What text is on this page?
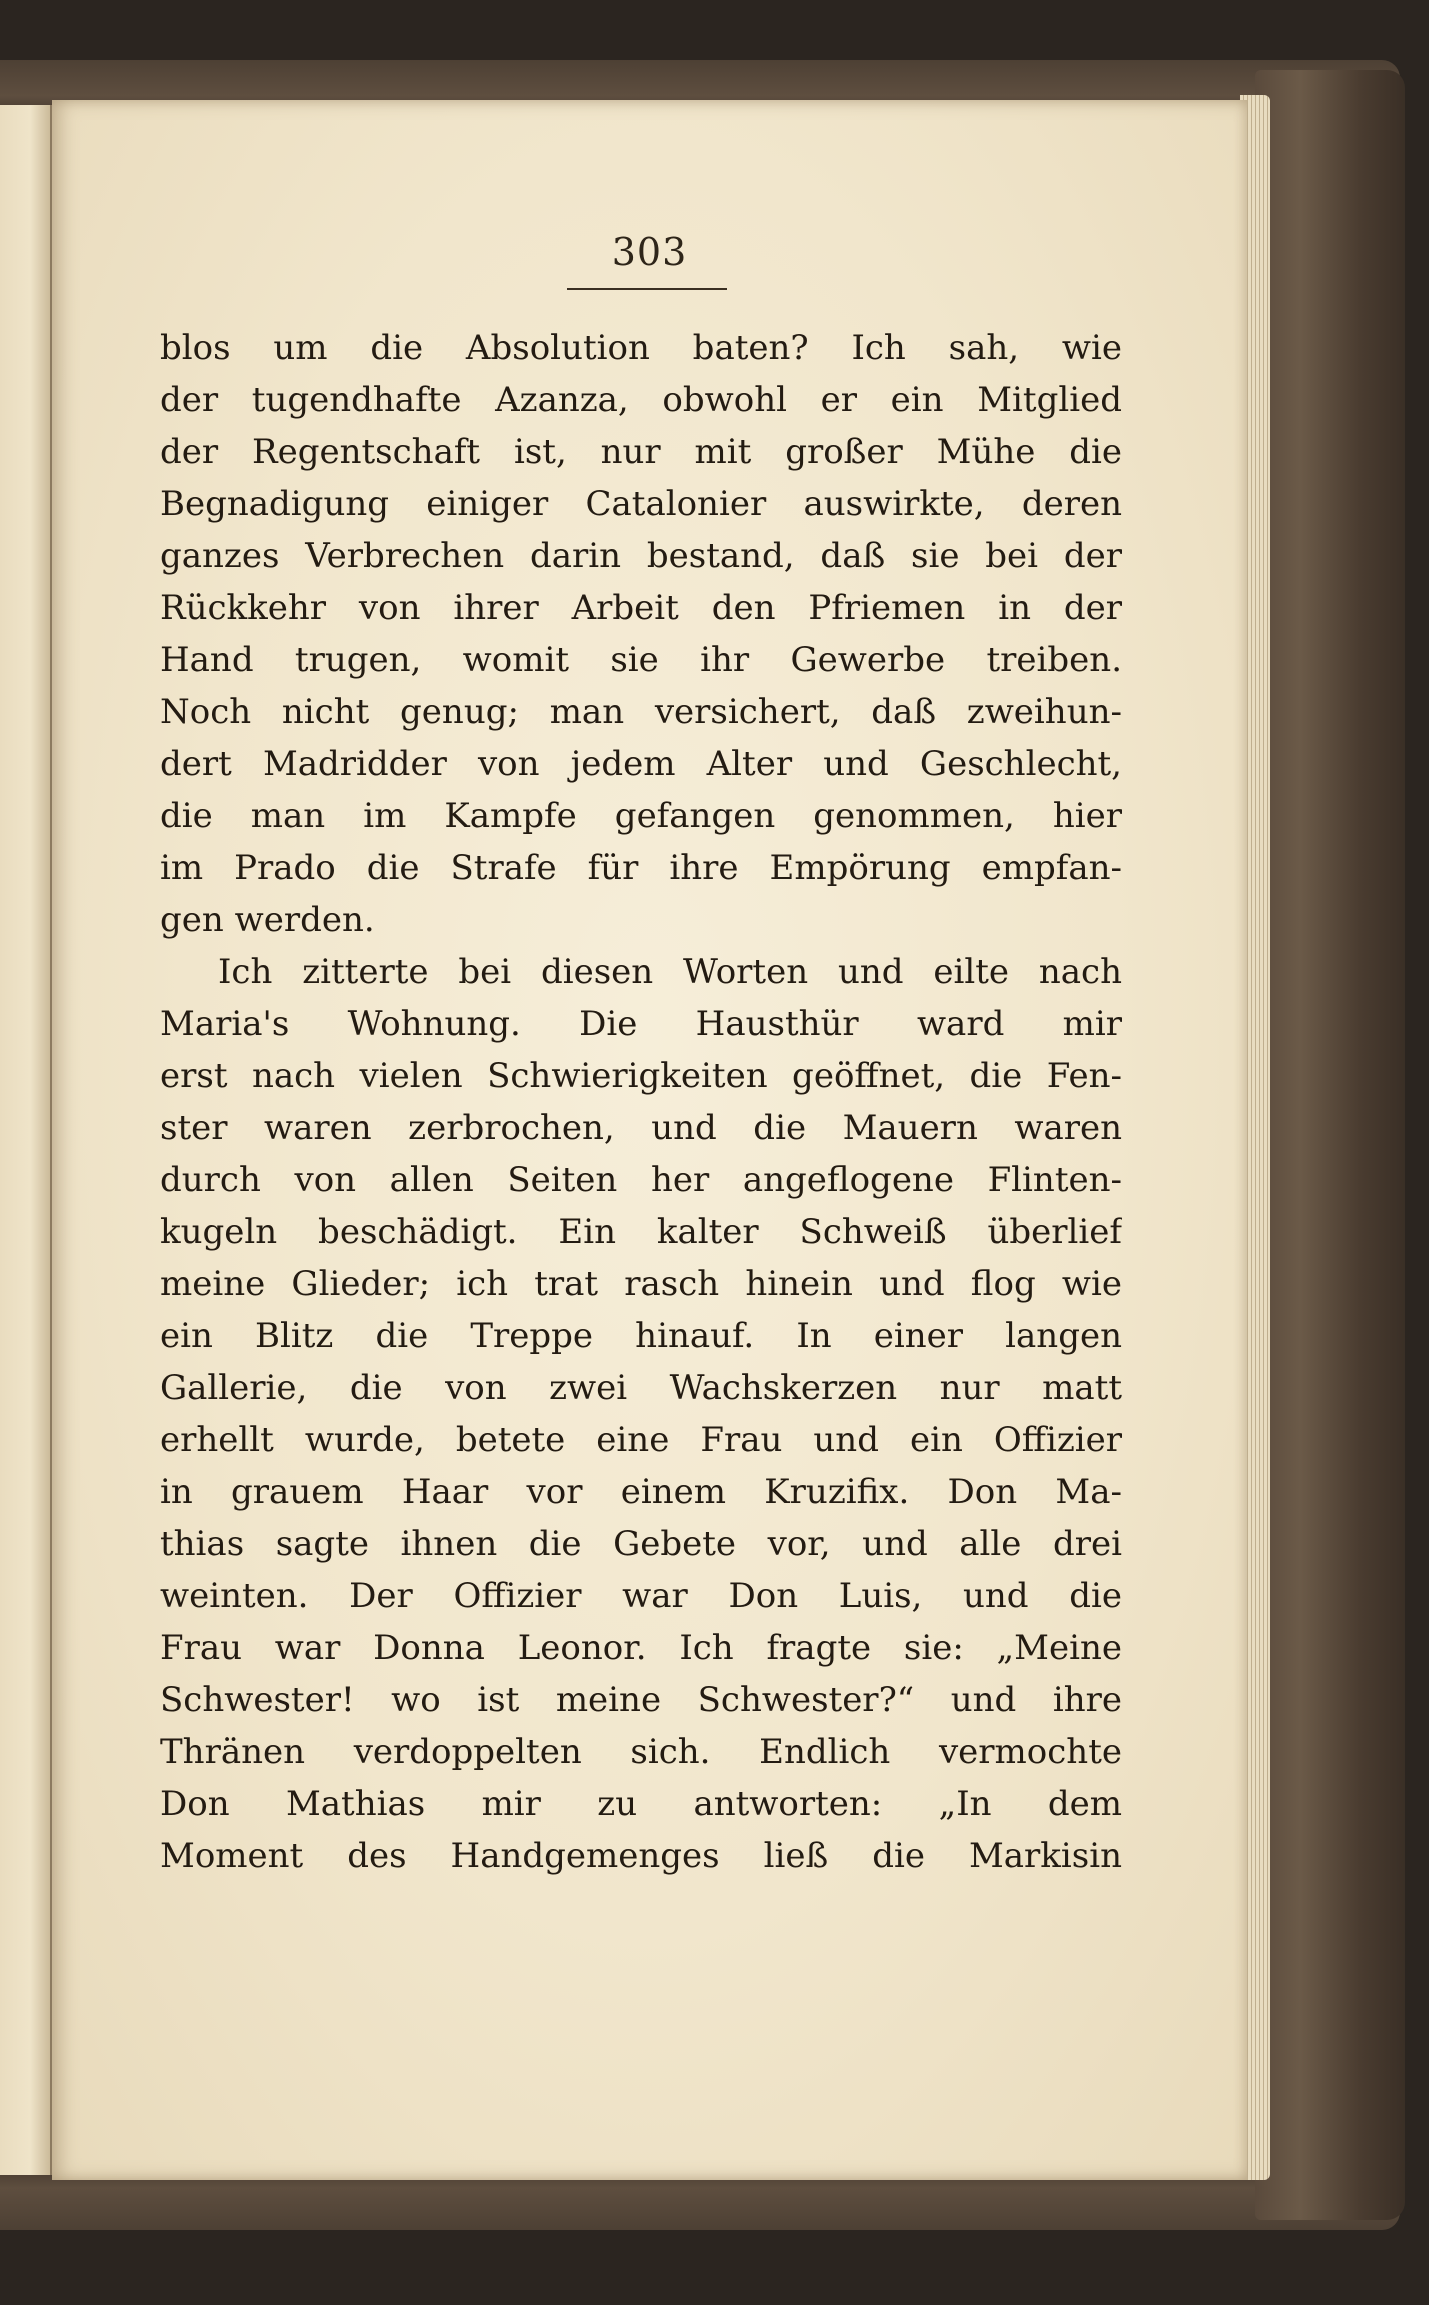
303
blos um die Absolution baten? Ich sah, wie
der tugendhafte Azanza, obwohl er ein Mitglied
der Regentschaft ist, nur mit großer Mühe die
Begnadigung einiger Catalonier auswirkte, deren
ganzes Verbrechen darin bestand, daß sie bei der
Rückkehr von ihrer Arbeit den Pfriemen in der
Hand trugen, womit sie ihr Gewerbe treiben.
Noch nicht genug; man versichert, daß zweihun-
dert Madridder von jedem Alter und Geschlecht,
die man im Kampfe gefangen genommen, hier
im Prado die Strafe für ihre Empörung empfan-
gen werden.
Ich zitterte bei diesen Worten und eilte nach
Maria's Wohnung. Die Hausthür ward mir
erst nach vielen Schwierigkeiten geöffnet, die Fen-
ster waren zerbrochen, und die Mauern waren
durch von allen Seiten her angeflogene Flinten-
kugeln beschädigt. Ein kalter Schweiß überlief
meine Glieder; ich trat rasch hinein und flog wie
ein Blitz die Treppe hinauf. In einer langen
Gallerie, die von zwei Wachskerzen nur matt
erhellt wurde, betete eine Frau und ein Offizier
in grauem Haar vor einem Kruzifix. Don Ma-
thias sagte ihnen die Gebete vor, und alle drei
weinten. Der Offizier war Don Luis, und die
Frau war Donna Leonor. Ich fragte sie: „Meine
Schwester! wo ist meine Schwester?“ und ihre
Thränen verdoppelten sich. Endlich vermochte
Don Mathias mir zu antworten: „In dem
Moment des Handgemenges ließ die Markisin
